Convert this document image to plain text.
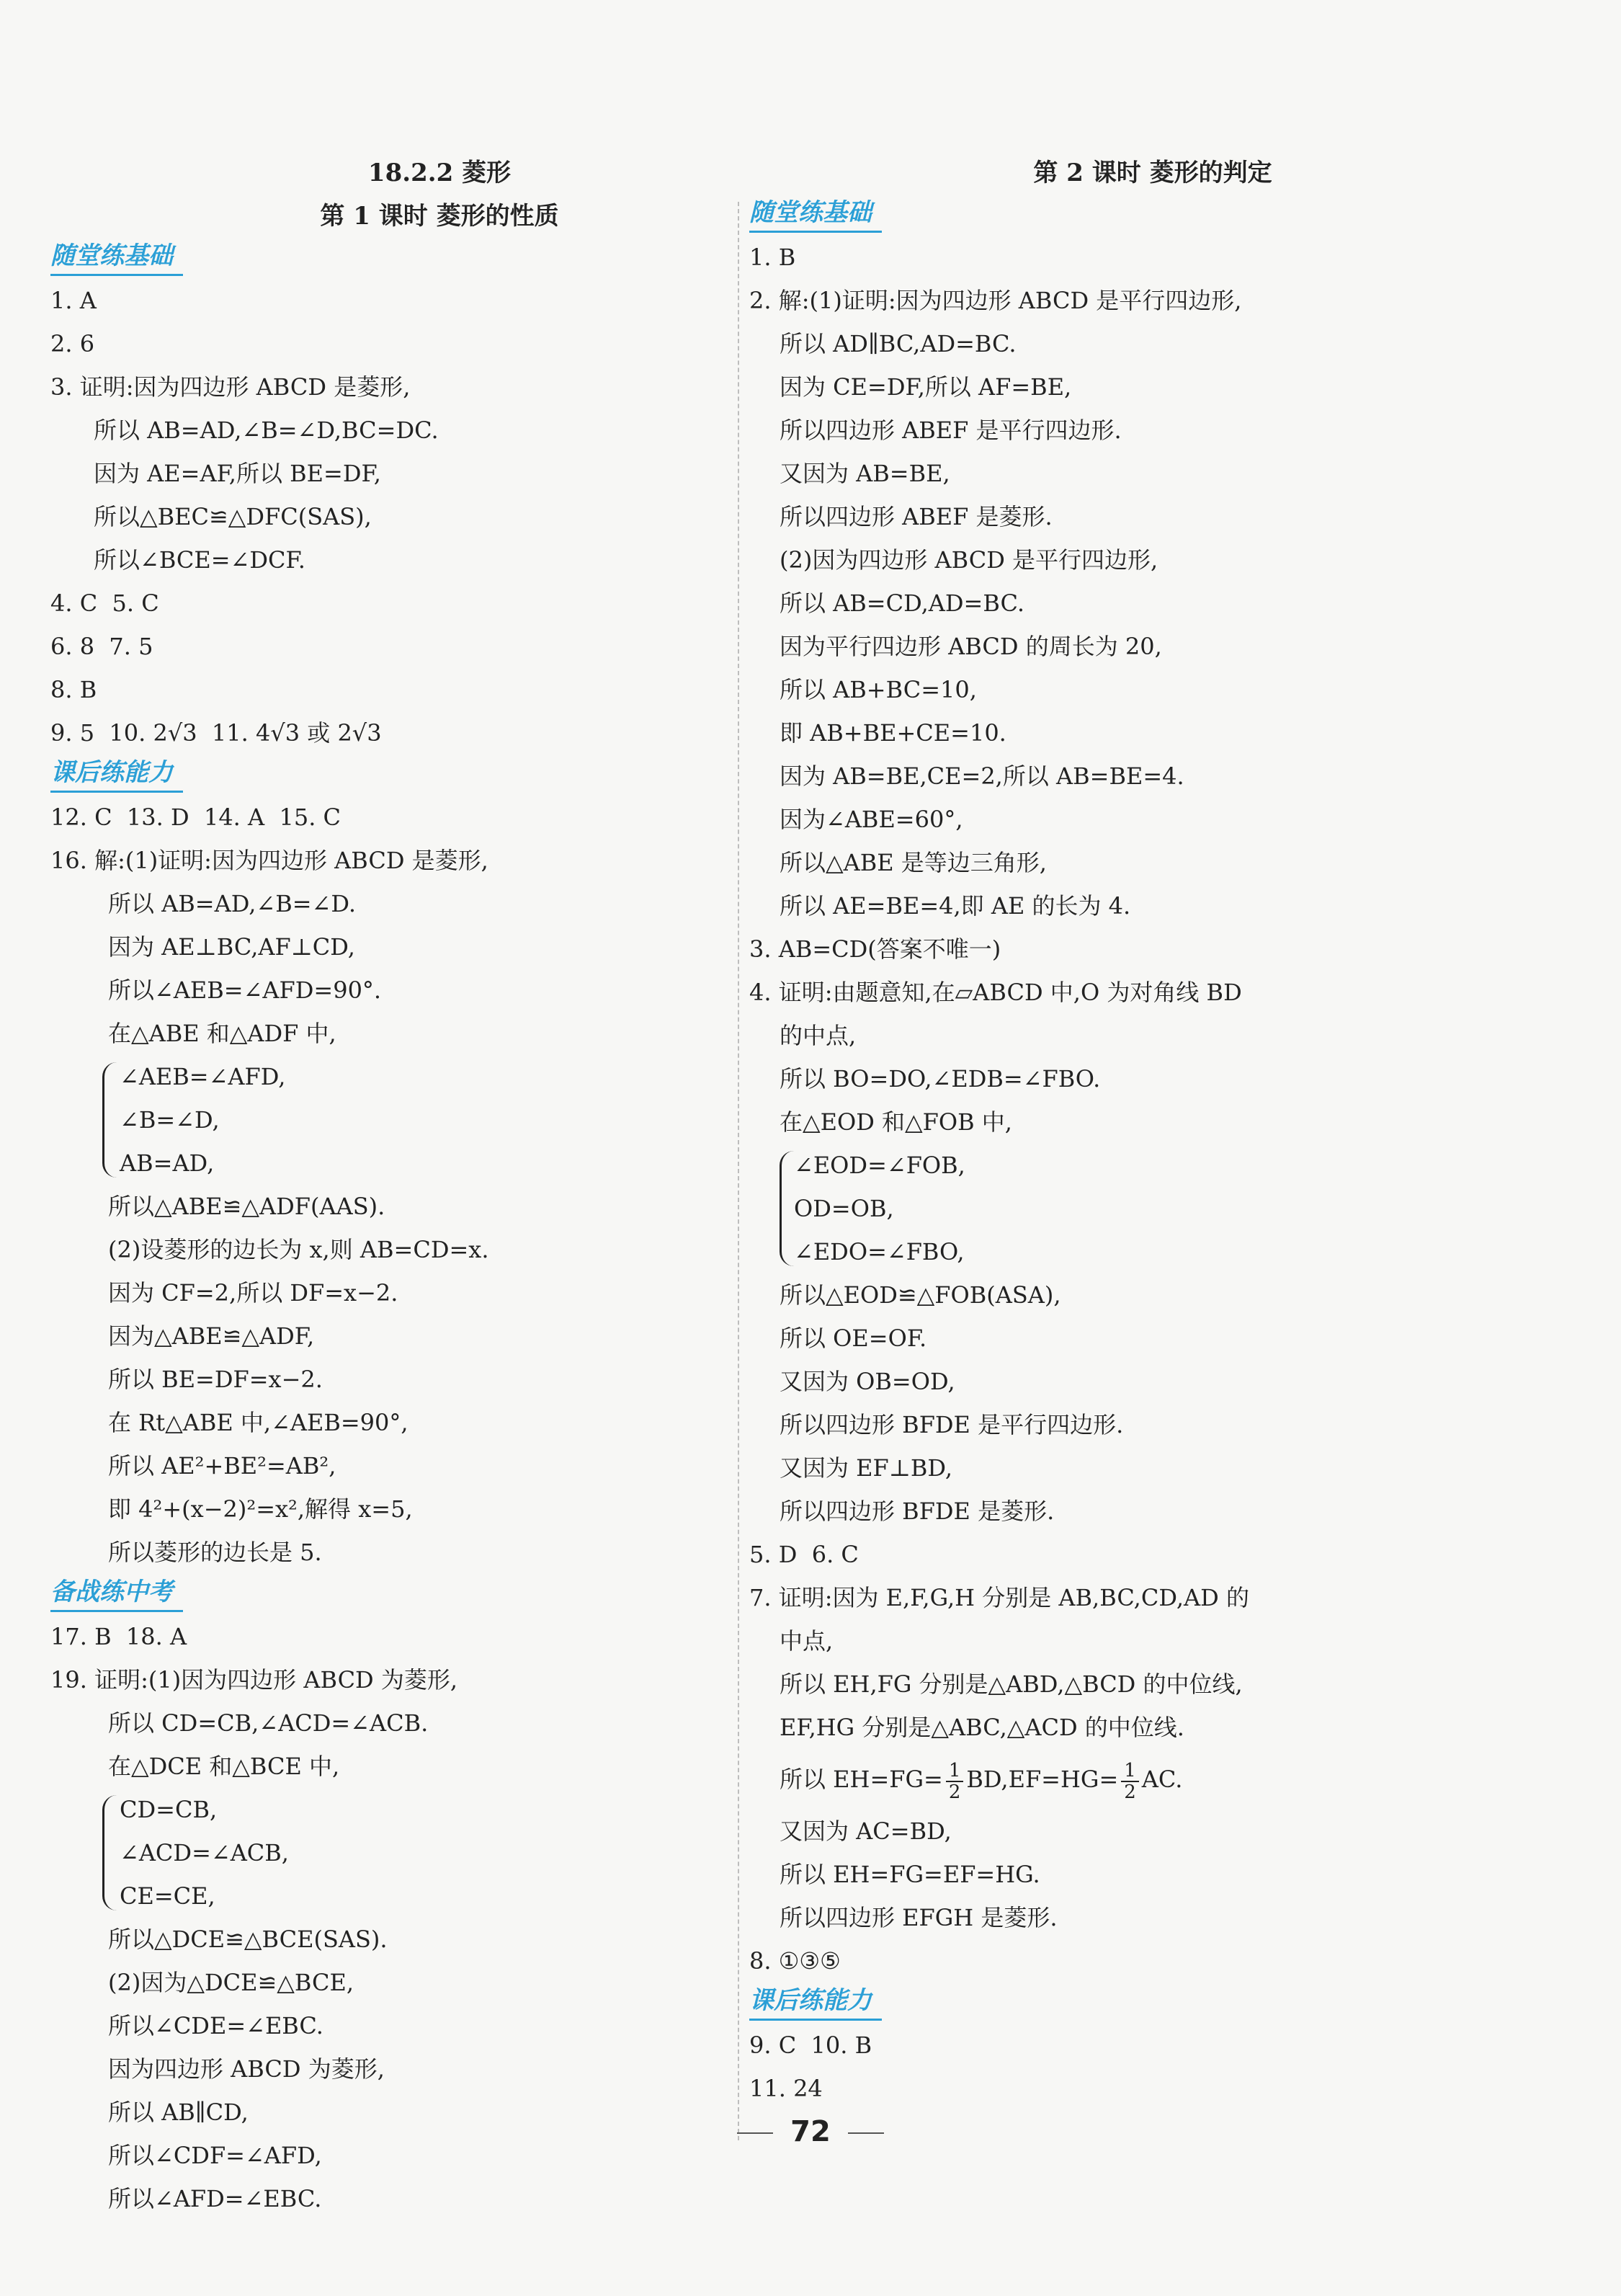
18.2.2 菱形
第 1 课时 菱形的性质
随堂练基础
1. A
2. 6
3. 证明:因为四边形 ABCD 是菱形,
所以 AB=AD,∠B=∠D,BC=DC.
因为 AE=AF,所以 BE=DF,
所以△BEC≌△DFC(SAS),
所以∠BCE=∠DCF.
4. C  5. C
6. 8  7. 5
8. B
9. 5  10. 2√3  11. 4√3 或 2√3
课后练能力
12. C  13. D  14. A  15. C
16. 解:(1)证明:因为四边形 ABCD 是菱形,
所以 AB=AD,∠B=∠D.
因为 AE⊥BC,AF⊥CD,
所以∠AEB=∠AFD=90°.
在△ABE 和△ADF 中,
∠AEB=∠AFD,
∠B=∠D,
AB=AD,
所以△ABE≌△ADF(AAS).
(2)设菱形的边长为 x,则 AB=CD=x.
因为 CF=2,所以 DF=x−2.
因为△ABE≌△ADF,
所以 BE=DF=x−2.
在 Rt△ABE 中,∠AEB=90°,
所以 AE²+BE²=AB²,
即 4²+(x−2)²=x²,解得 x=5,
所以菱形的边长是 5.
备战练中考
17. B  18. A
19. 证明:(1)因为四边形 ABCD 为菱形,
所以 CD=CB,∠ACD=∠ACB.
在△DCE 和△BCE 中,
CD=CB,
∠ACD=∠ACB,
CE=CE,
所以△DCE≌△BCE(SAS).
(2)因为△DCE≌△BCE,
所以∠CDE=∠EBC.
因为四边形 ABCD 为菱形,
所以 AB∥CD,
所以∠CDF=∠AFD,
所以∠AFD=∠EBC.
第 2 课时 菱形的判定
随堂练基础
1. B
2. 解:(1)证明:因为四边形 ABCD 是平行四边形,
所以 AD∥BC,AD=BC.
因为 CE=DF,所以 AF=BE,
所以四边形 ABEF 是平行四边形.
又因为 AB=BE,
所以四边形 ABEF 是菱形.
(2)因为四边形 ABCD 是平行四边形,
所以 AB=CD,AD=BC.
因为平行四边形 ABCD 的周长为 20,
所以 AB+BC=10,
即 AB+BE+CE=10.
因为 AB=BE,CE=2,所以 AB=BE=4.
因为∠ABE=60°,
所以△ABE 是等边三角形,
所以 AE=BE=4,即 AE 的长为 4.
3. AB=CD(答案不唯一)
4. 证明:由题意知,在▱ABCD 中,O 为对角线 BD
的中点,
所以 BO=DO,∠EDB=∠FBO.
在△EOD 和△FOB 中,
∠EOD=∠FOB,
OD=OB,
∠EDO=∠FBO,
所以△EOD≌△FOB(ASA),
所以 OE=OF.
又因为 OB=OD,
所以四边形 BFDE 是平行四边形.
又因为 EF⊥BD,
所以四边形 BFDE 是菱形.
5. D  6. C
7. 证明:因为 E,F,G,H 分别是 AB,BC,CD,AD 的
中点,
所以 EH,FG 分别是△ABD,△BCD 的中位线,
EF,HG 分别是△ABC,△ACD 的中位线.
所以 $EH=FG= \frac{1}{2} BD,EF=HG= \frac{1}{2}$ AC.
又因为 AC=BD,
所以 EH=FG=EF=HG.
所以四边形 EFGH 是菱形.
8. ①③⑤
课后练能力
9. C  10. B
11. 24
72
